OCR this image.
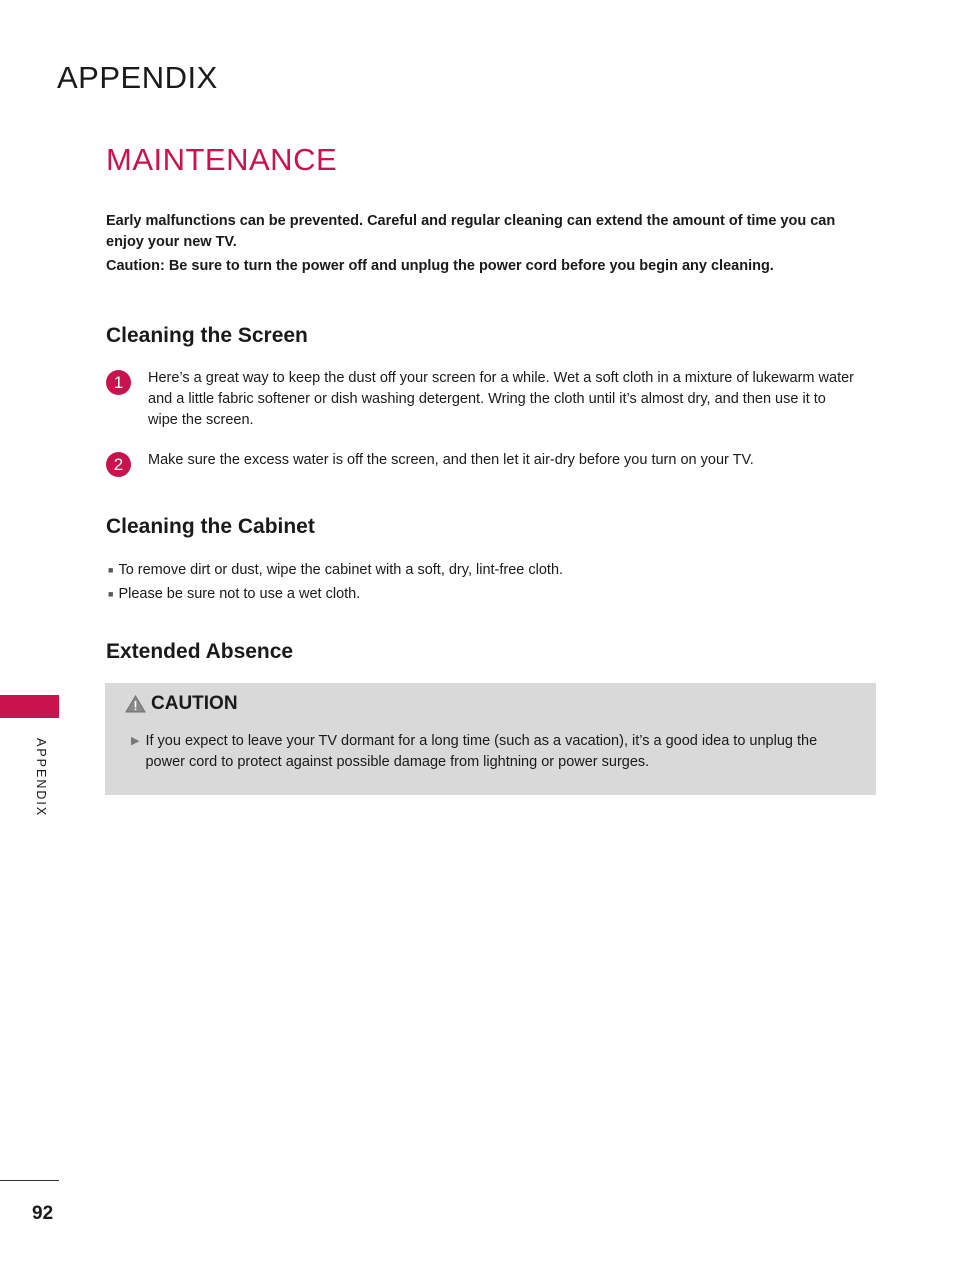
APPENDIX
MAINTENANCE

Early malfunctions can be prevented. Careful and regular cleaning can extend the amount of time you can enjoy your new TV.

Caution: Be sure to turn the power off and unplug the power cord before you begin any cleaning.

Cleaning the Screen
1	Here’s a great way to keep the dust off your screen for a while. Wet a soft cloth in a mixture of lukewarm water and a little fabric softener or dish washing detergent. Wring the cloth until it’s almost dry, and then use it to wipe the screen.
2	Make sure the excess water is off the screen, and then let it air-dry before you turn on your TV.
Cleaning the Cabinet
■ To remove dirt or dust, wipe the cabinet with a soft, dry, lint-free cloth.
■ Please be sure not to use a wet cloth.
Extended Absence
CAUTION
▶ If you expect to leave your TV dormant for a long time (such as a vacation), it’s a good idea to unplug the power cord to protect against possible damage from lightning or power surges.
APPENDIX
92
